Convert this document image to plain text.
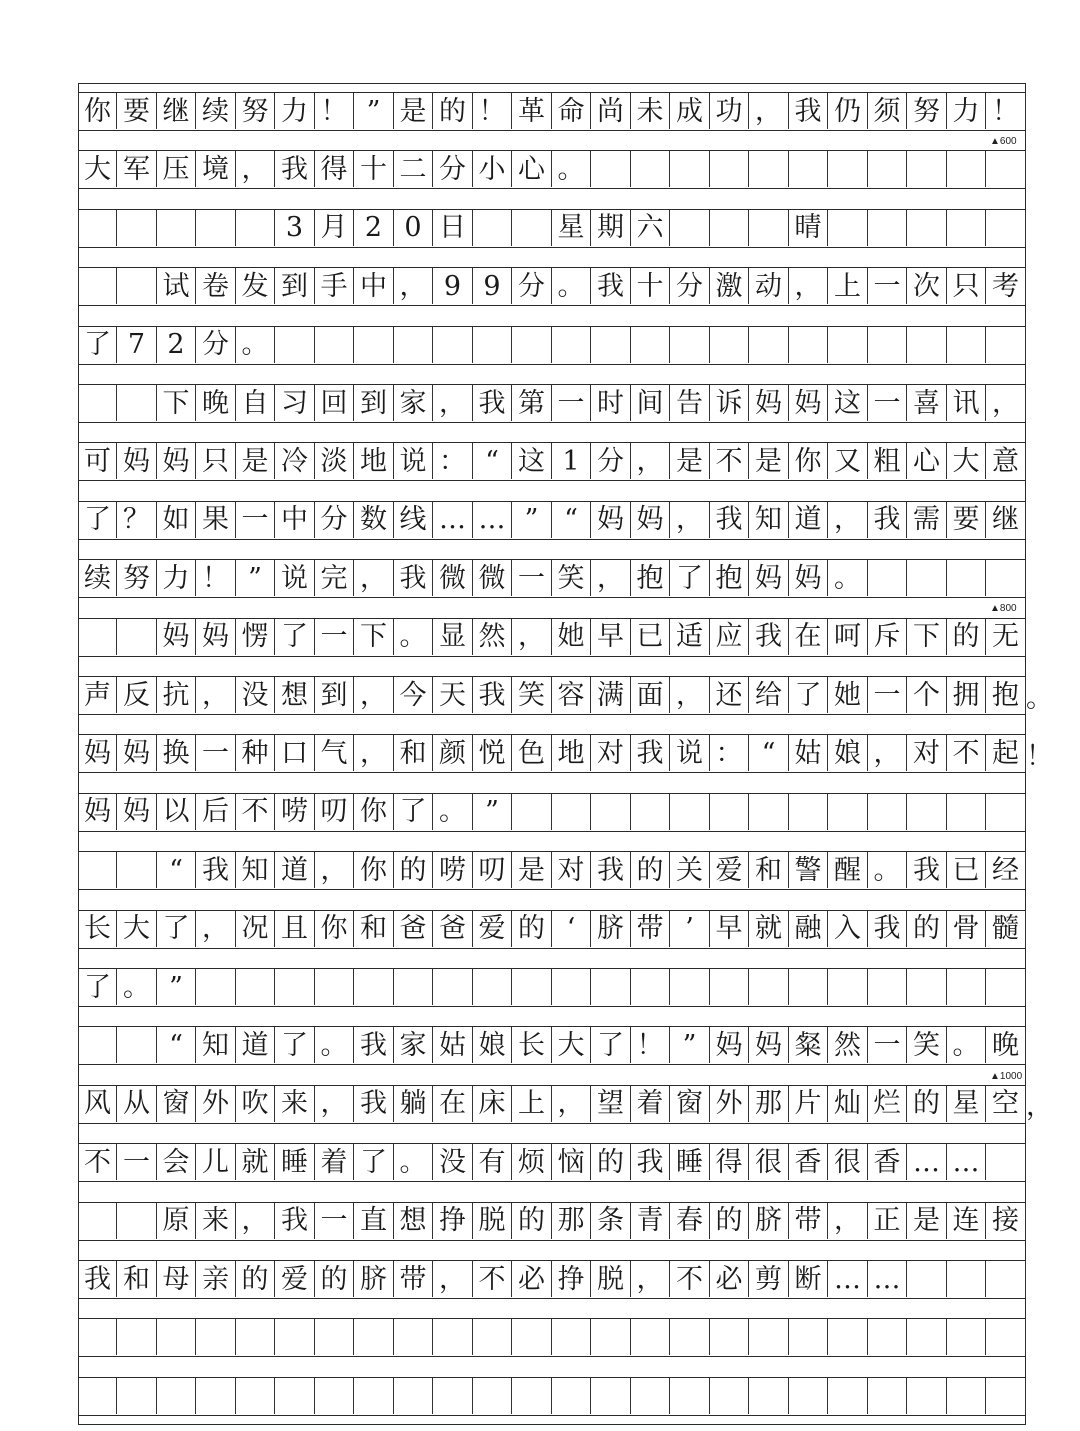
你 要 继 续 努 力 ！ ” 是 的 ！ 革 命 尚 未 成 功 ， 我 仍 须 努 力 ！
大 军 压 境 ， 我 得 十 二 分 小 心 。
3 月 2 0 日	星 期 六	晴
试 卷 发 到 手 中 ， 9 9 分 。 我 十 分 激 动 ， 上 一 次 只 考
了 7 2 分 。
下 晚 自 习 回 到 家 ， 我 第 一 时 间 告 诉 妈 妈 这 一 喜 讯 ，
可 妈 妈 只 是 冷 淡 地 说 ： “ 这 1 分 ， 是 不 是 你 又 粗 心 大 意
了 ？ 如 果 一 中 分 数 线 … … ” “ 妈 妈 ， 我 知 道 ， 我 需 要 继
续 努 力 ！ ” 说 完 ， 我 微 微 一 笑 ， 抱 了 抱 妈 妈 。
妈 妈 愣 了 一 下 。 显 然 ， 她 早 已 适 应 我 在 呵 斥 下 的 无
声 反 抗 ， 没 想 到 ， 今 天 我 笑 容 满 面 ， 还 给 了 她 一 个 拥 抱 。
妈 妈 换 一 种 口 气 ， 和 颜 悦 色 地 对 我 说 ： “ 姑 娘 ， 对 不 起 ！
妈 妈 以 后 不 唠 叨 你 了 。 ”
“ 我 知 道 ， 你 的 唠 叨 是 对 我 的 关 爱 和 警 醒 。 我 已 经
长 大 了 ， 况 且 你 和 爸 爸 爱 的 ‘ 脐 带 ’ 早 就 融 入 我 的 骨 髓
了 。 ”
“ 知 道 了 。 我 家 姑 娘 长 大 了 ！ ” 妈 妈 粲 然 一 笑 。 晚
风 从 窗 外 吹 来 ， 我 躺 在 床 上 ， 望 着 窗 外 那 片 灿 烂 的 星 空 ，
不 一 会 儿 就 睡 着 了 。 没 有 烦 恼 的 我 睡 得 很 香 很 香 … …
原 来 ， 我 一 直 想 挣 脱 的 那 条 青 春 的 脐 带 ， 正 是 连 接
我 和 母 亲 的 爱 的 脐 带 ， 不 必 挣 脱 ， 不 必 剪 断 … …
▲600
▲800
▲1000
